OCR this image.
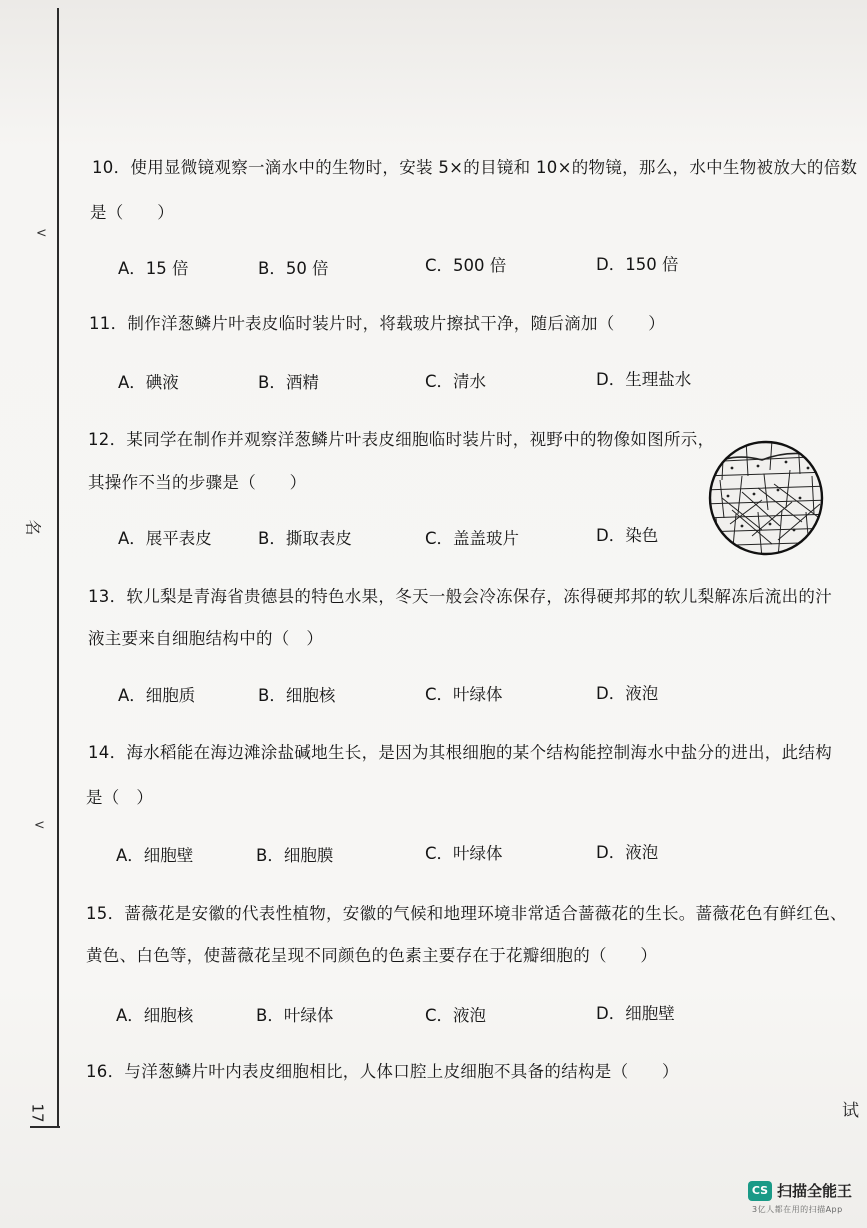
<
<
名
17
10．使用显微镜观察一滴水中的生物时，安装 5×的目镜和 10×的物镜，那么，水中生物被放大的倍数
是（　　）
A．15 倍	B．50 倍	C．500 倍	D．150 倍
11．制作洋葱鳞片叶表皮临时装片时，将载玻片擦拭干净，随后滴加（　　）
A．碘液	B．酒精	C．清水	D．生理盐水
12．某同学在制作并观察洋葱鳞片叶表皮细胞临时装片时，视野中的物像如图所示，
其操作不当的步骤是（　　）
A．展平表皮	B．撕取表皮	C．盖盖玻片	D．染色
13．软儿梨是青海省贵德县的特色水果，冬天一般会冷冻保存，冻得硬邦邦的软儿梨解冻后流出的汁
液主要来自细胞结构中的（　）
A．细胞质	B．细胞核	C．叶绿体	D．液泡
14．海水稻能在海边滩涂盐碱地生长，是因为其根细胞的某个结构能控制海水中盐分的进出，此结构
是（　）
A．细胞壁	B．细胞膜	C．叶绿体	D．液泡
15．蔷薇花是安徽的代表性植物，安徽的气候和地理环境非常适合蔷薇花的生长。蔷薇花色有鲜红色、
黄色、白色等，使蔷薇花呈现不同颜色的色素主要存在于花瓣细胞的（　　）
A．细胞核	B．叶绿体	C．液泡	D．细胞壁
16．与洋葱鳞片叶内表皮细胞相比，人体口腔上皮细胞不具备的结构是（　　）
试
CS 扫描全能王
3亿人都在用的扫描App
